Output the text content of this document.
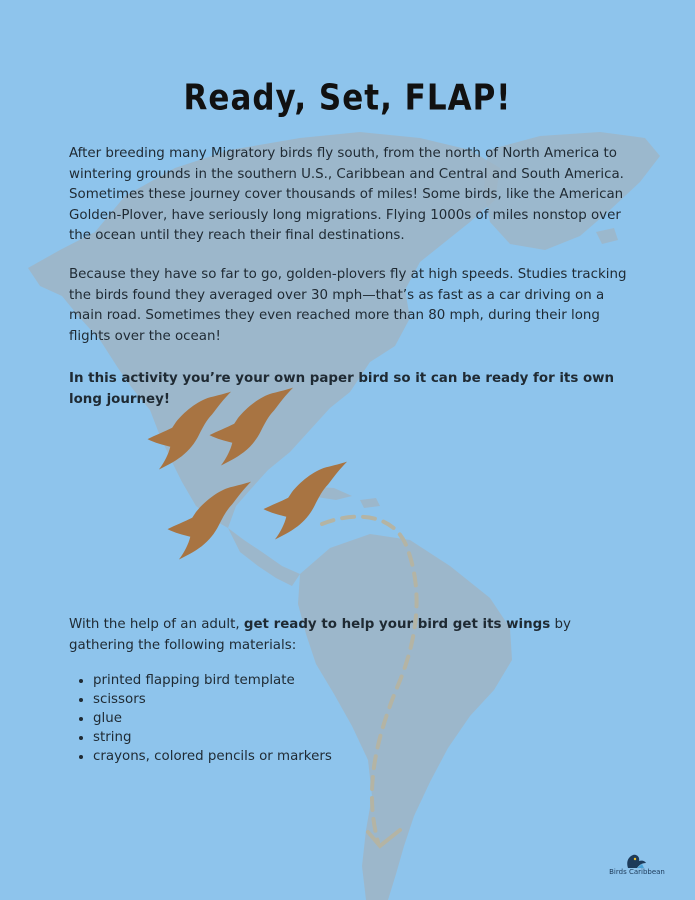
Ready, Set, FLAP!

After breeding many Migratory birds fly south, from the north of North America to wintering grounds in the southern U.S., Caribbean and Central and South America. Sometimes these journey cover thousands of miles! Some birds, like the American Golden-Plover, have seriously long migrations. Flying 1000s of miles nonstop over the ocean until they reach their final destinations.

Because they have so far to go, golden-plovers fly at high speeds. Studies tracking the birds found they averaged over 30 mph—that’s as fast as a car driving on a main road. Sometimes they even reached more than 80 mph, during their long flights over the ocean!

In this activity you’re your own paper bird so it can be ready for its own long journey!

With the help of an adult, get ready to help your bird get its wings by gathering the following materials:

• printed flapping bird template
• scissors
• glue
• string
• crayons, colored pencils or markers
Birds Caribbean
